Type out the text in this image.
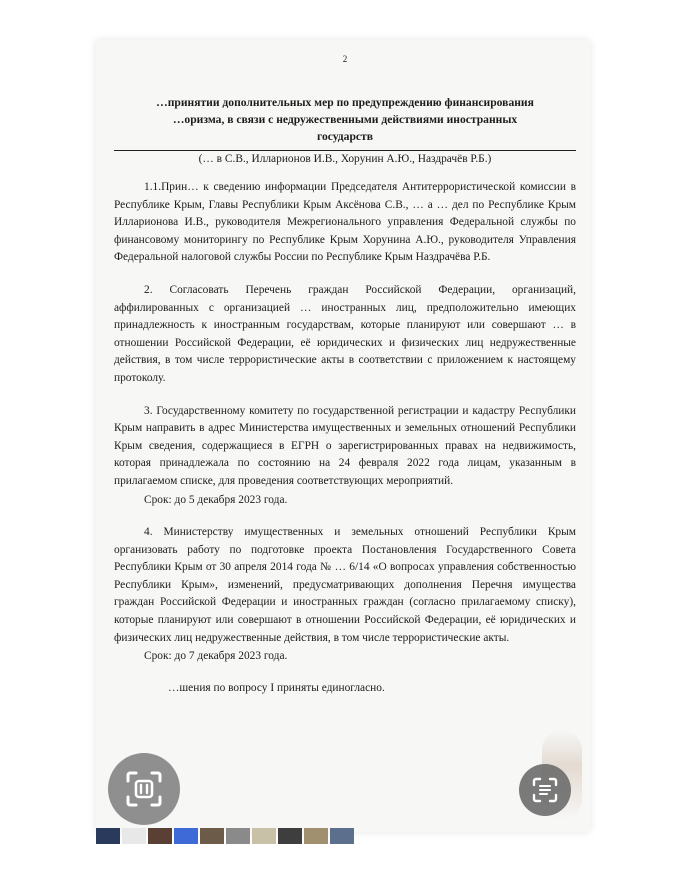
2
…принятии дополнительных мер по предупреждению финансирования
…оризма, в связи с недружественными действиями иностранных
государств
(… в С.В., Илларионов И.В., Хорунин А.Ю., Наздрачёв Р.Б.)

1.1.Прин… к сведению информации Председателя Антитеррористической комиссии в Республике Крым, Главы Республики Крым Аксёнова С.В., … а … дел по Республике Крым Илларионова И.В., руководителя Межрегионального управления Федеральной службы по финансовому мониторингу по Республике Крым Хорунина А.Ю., руководителя Управления Федеральной налоговой службы России по Республике Крым Наздрачёва Р.Б.

2. Согласовать Перечень граждан Российской Федерации, организаций, аффилированных с организацией … иностранных лиц, предположительно имеющих принадлежность к иностранным государствам, которые планируют или совершают … в отношении Российской Федерации, её юридических и физических лиц недружественные действия, в том числе террористические акты в соответствии с приложением к настоящему протоколу.

3. Государственному комитету по государственной регистрации и кадастру Республики Крым направить в адрес Министерства имущественных и земельных отношений Республики Крым сведения, содержащиеся в ЕГРН о зарегистрированных правах на недвижимость, которая принадлежала по состоянию на 24 февраля 2022 года лицам, указанным в прилагаемом списке, для проведения соответствующих мероприятий.

Срок: до 5 декабря 2023 года.

4. Министерству имущественных и земельных отношений Республики Крым организовать работу по подготовке проекта Постановления Государственного Совета Республики Крым от 30 апреля 2014 года № … 6/14 «О вопросах управления собственностью Республики Крым», изменений, предусматривающих дополнения Перечня имущества граждан Российской Федерации и иностранных граждан (согласно прилагаемому списку), которые планируют или совершают в отношении Российской Федерации, её юридических и физических лиц недружественные действия, в том числе террористические акты.

Срок: до 7 декабря 2023 года.

…шения по вопросу I приняты единогласно.
